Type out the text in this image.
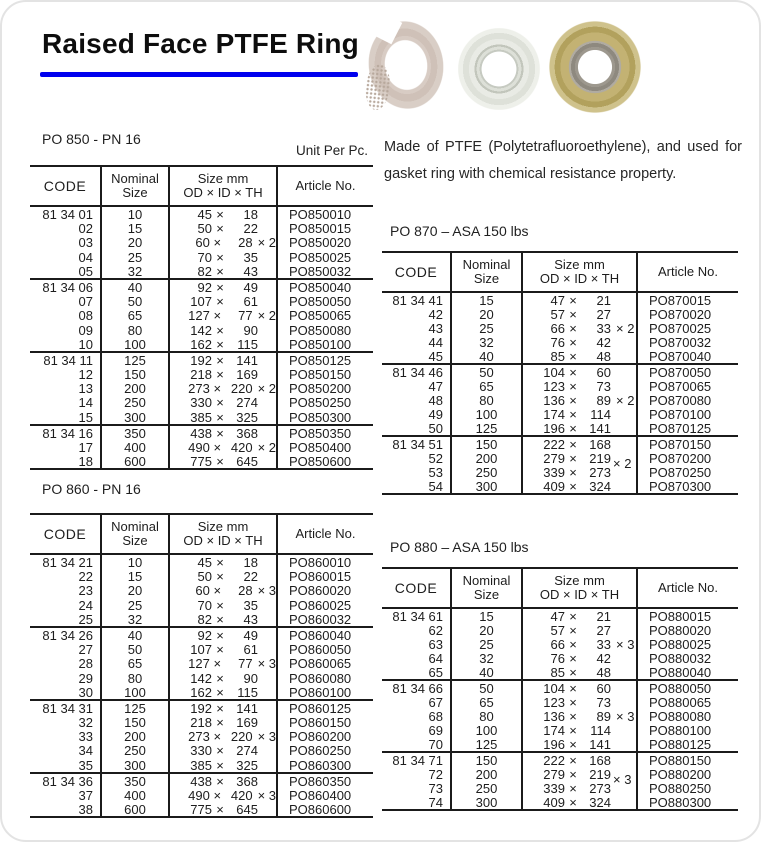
Raised Face PTFE Ring
Made of PTFE (Polytetrafluoroethylene), and used for
gasket ring with chemical resistance property.
PO 850 - PN 16
Unit Per Pc.
PO 860 - PN 16
PO 870 – ASA 150 lbs
PO 880 – ASA 150 lbs
CODE	Nominal
Size
Size mm
OD × ID × TH	Article No.
81 34 01	10	45 ×	18	PO850010
02	15	50 ×	22	PO850015
03	20	60 ×	28 × 2 PO850020
04	25	70 ×	35	PO850025
05	32	82 ×	43	PO850032
81 34 06	40	92 ×	49	PO850040
07	50	107 ×	61	PO850050
08	65	127 ×	77 × 2 PO850065
09	80	142 ×	90	PO850080
10	100	162 ×	115	PO850100
81 34 11	125	192 × 141	PO850125
12	150	218 × 169	PO850150
13	200	273 × 220 × 2 PO850200
14	250	330 × 274	PO850250
15	300	385 × 325	PO850300
81 34 16	350	438 × 368	PO850350
17	400	490 × 420 × 2 PO850400
18	600	775 × 645	PO850600
CODE	Nominal
Size
Size mm
OD × ID × TH	Article No.
81 34 21	10	45 ×	18	PO860010
22	15	50 ×	22	PO860015
23	20	60 ×	28 × 3 PO860020
24	25	70 ×	35	PO860025
25	32	82 ×	43	PO860032
81 34 26	40	92 ×	49	PO860040
27	50	107 ×	61	PO860050
28	65	127 ×	77 × 3 PO860065
29	80	142 ×	90	PO860080
30	100	162 ×	115	PO860100
81 34 31	125	192 × 141	PO860125
32	150	218 × 169	PO860150
33	200	273 × 220 × 3 PO860200
34	250	330 × 274	PO860250
35	300	385 × 325	PO860300
81 34 36	350	438 × 368	PO860350
37	400	490 × 420 × 3 PO860400
38	600	775 × 645	PO860600
CODE	Nominal
Size
Size mm
OD × ID × TH	Article No.
81 34 41	15	47 ×	21	PO870015
42	20	57 ×	27	PO870020
43	25	66 ×	33 × 2	PO870025
44	32	76 ×	42	PO870032
45	40	85 ×	48	PO870040
81 34 46	50	104 ×	60	PO870050
47	65	123 ×	73	PO870065
48	80	136 ×	89 × 2	PO870080
49	100	174 ×	114	PO870100
50	125	196 × 141	PO870125
81 34 51	150	222 × 168	PO870150
52	200	279 × 219 × 2	PO870200
53	250	339 × 273	PO870250
54	300	409 × 324	PO870300
CODE	Nominal
Size
Size mm
OD × ID × TH	Article No.
81 34 61	15	47 ×	21	PO880015
62	20	57 ×	27	PO880020
63	25	66 ×	33 × 3	PO880025
64	32	76 ×	42	PO880032
65	40	85 ×	48	PO880040
81 34 66	50	104 ×	60	PO880050
67	65	123 ×	73	PO880065
68	80	136 ×	89 × 3	PO880080
69	100	174 ×	114	PO880100
70	125	196 × 141	PO880125
81 34 71	150	222 × 168	PO880150
72	200	279 × 219 × 3	PO880200
73	250	339 × 273	PO880250
74	300	409 × 324	PO880300
